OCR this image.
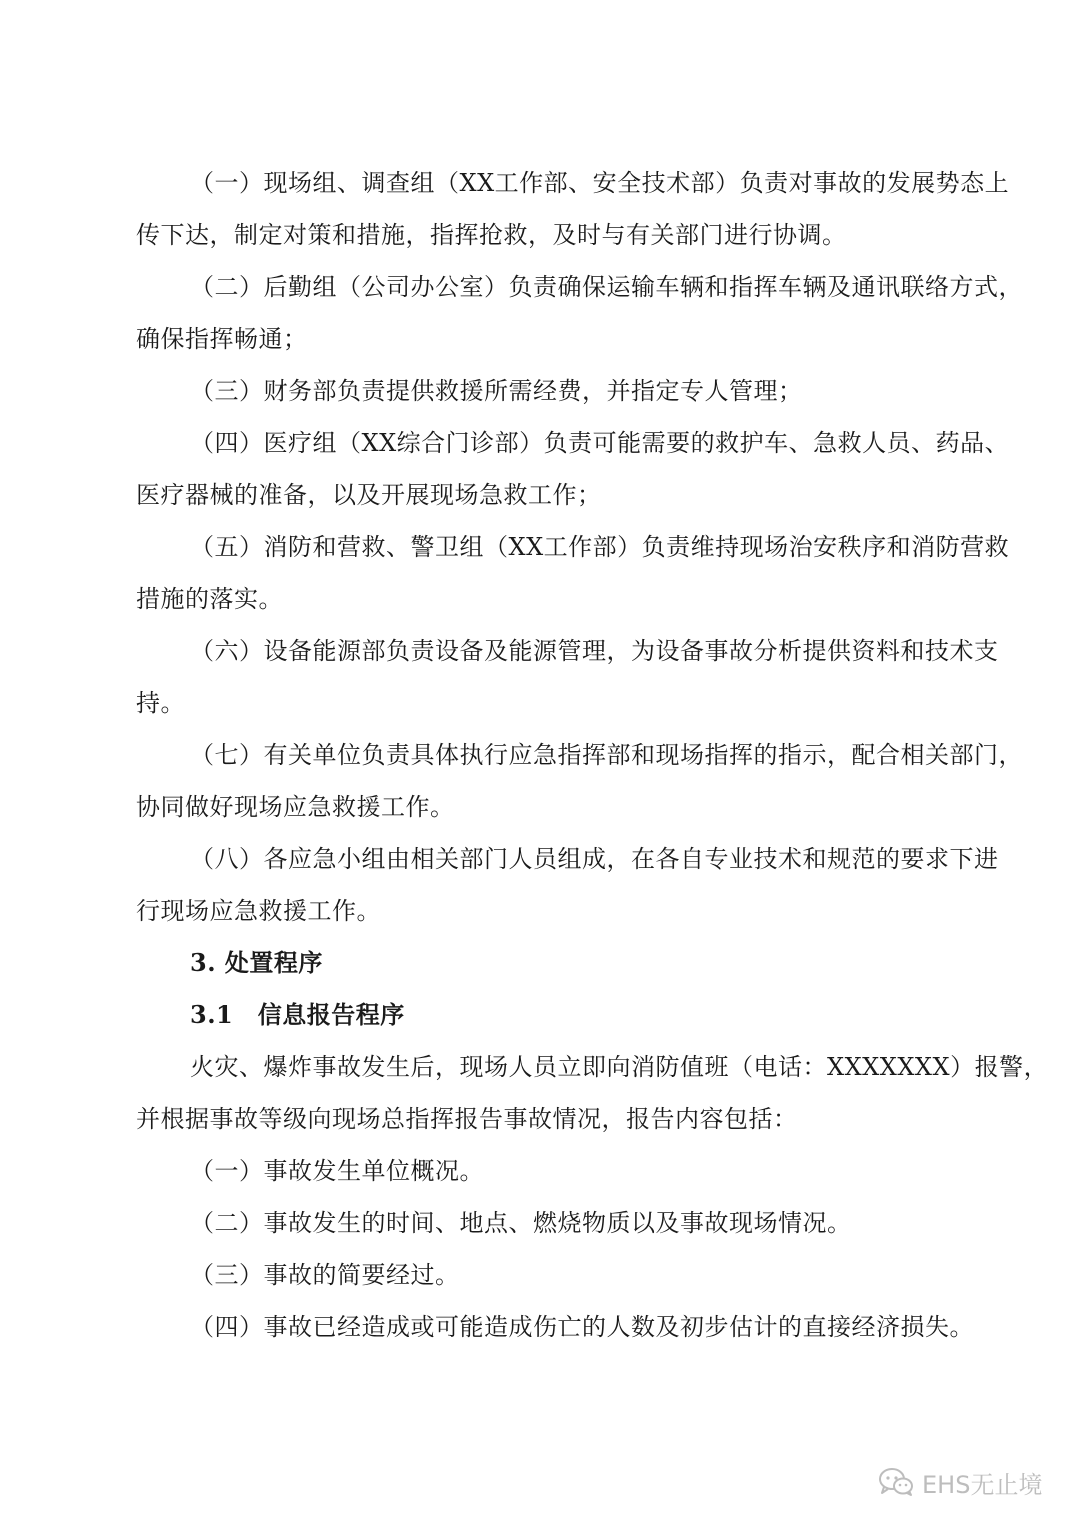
（一）现场组、调查组（XX工作部、安全技术部）负责对事故的发展势态上
传下达，制定对策和措施，指挥抢救，及时与有关部门进行协调。
（二）后勤组（公司办公室）负责确保运输车辆和指挥车辆及通讯联络方式，
确保指挥畅通；
（三）财务部负责提供救援所需经费，并指定专人管理；
（四）医疗组（XX综合门诊部）负责可能需要的救护车、急救人员、药品、
医疗器械的准备，以及开展现场急救工作；
（五）消防和营救、警卫组（XX工作部）负责维持现场治安秩序和消防营救
措施的落实。
（六）设备能源部负责设备及能源管理，为设备事故分析提供资料和技术支
持。
（七）有关单位负责具体执行应急指挥部和现场指挥的指示，配合相关部门，
协同做好现场应急救援工作。
（八）各应急小组由相关部门人员组成，在各自专业技术和规范的要求下进
行现场应急救援工作。
3. 处置程序
3.1　信息报告程序
火灾、爆炸事故发生后，现场人员立即向消防值班（电话：XXXXXXX）报警，
并根据事故等级向现场总指挥报告事故情况，报告内容包括：
（一）事故发生单位概况。
（二）事故发生的时间、地点、燃烧物质以及事故现场情况。
（三）事故的简要经过。
（四）事故已经造成或可能造成伤亡的人数及初步估计的直接经济损失。
EHS无止境
